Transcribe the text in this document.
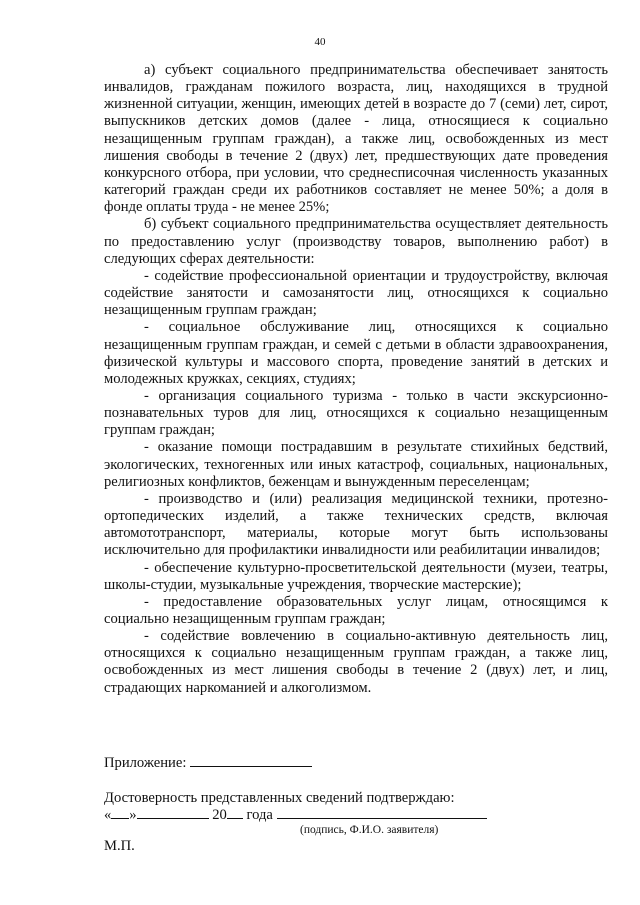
40

а) субъект социального предпринимательства обеспечивает занятость инвалидов, гражданам пожилого возраста, лиц, находящихся в трудной жизненной ситуации, женщин, имеющих детей в возрасте до 7 (семи) лет, сирот, выпускников детских домов (далее - лица, относящиеся к социально незащищенным группам граждан), а также лиц, освобожденных из мест лишения свободы в течение 2 (двух) лет, предшествующих дате проведения конкурсного отбора, при условии, что среднесписочная численность указанных категорий граждан среди их работников составляет не менее 50%; а доля в фонде оплаты труда - не менее 25%;

б) субъект социального предпринимательства осуществляет деятельность по предоставлению услуг (производству товаров, выполнению работ) в следующих сферах деятельности:

- содействие профессиональной ориентации и трудоустройству, включая содействие занятости и самозанятости лиц, относящихся к социально незащищенным группам граждан;

- социальное обслуживание лиц, относящихся к социально незащищенным группам граждан, и семей с детьми в области здравоохранения, физической культуры и массового спорта, проведение занятий в детских и молодежных кружках, секциях, студиях;

- организация социального туризма - только в части экскурсионно-познавательных туров для лиц, относящихся к социально незащищенным группам граждан;

- оказание помощи пострадавшим в результате стихийных бедствий, экологических, техногенных или иных катастроф, социальных, национальных, религиозных конфликтов, беженцам и вынужденным переселенцам;

- производство и (или) реализация медицинской техники, протезно-ортопедических изделий, а также технических средств, включая автомототранспорт, материалы, которые могут быть использованы исключительно для профилактики инвалидности или реабилитации инвалидов;

- обеспечение культурно-просветительской деятельности (музеи, театры, школы-студии, музыкальные учреждения, творческие мастерские);

- предоставление образовательных услуг лицам, относящимся к социально незащищенным группам граждан;

- содействие вовлечению в социально-активную деятельность лиц, относящихся к социально незащищенным группам граждан, а также лиц, освобожденных из мест лишения свободы в течение 2 (двух) лет, и лиц, страдающих наркоманией и алкоголизмом.

Приложение:
Достоверность представленных сведений подтверждаю:
« »	20 года
(подпись, Ф.И.О. заявителя)
М.П.
